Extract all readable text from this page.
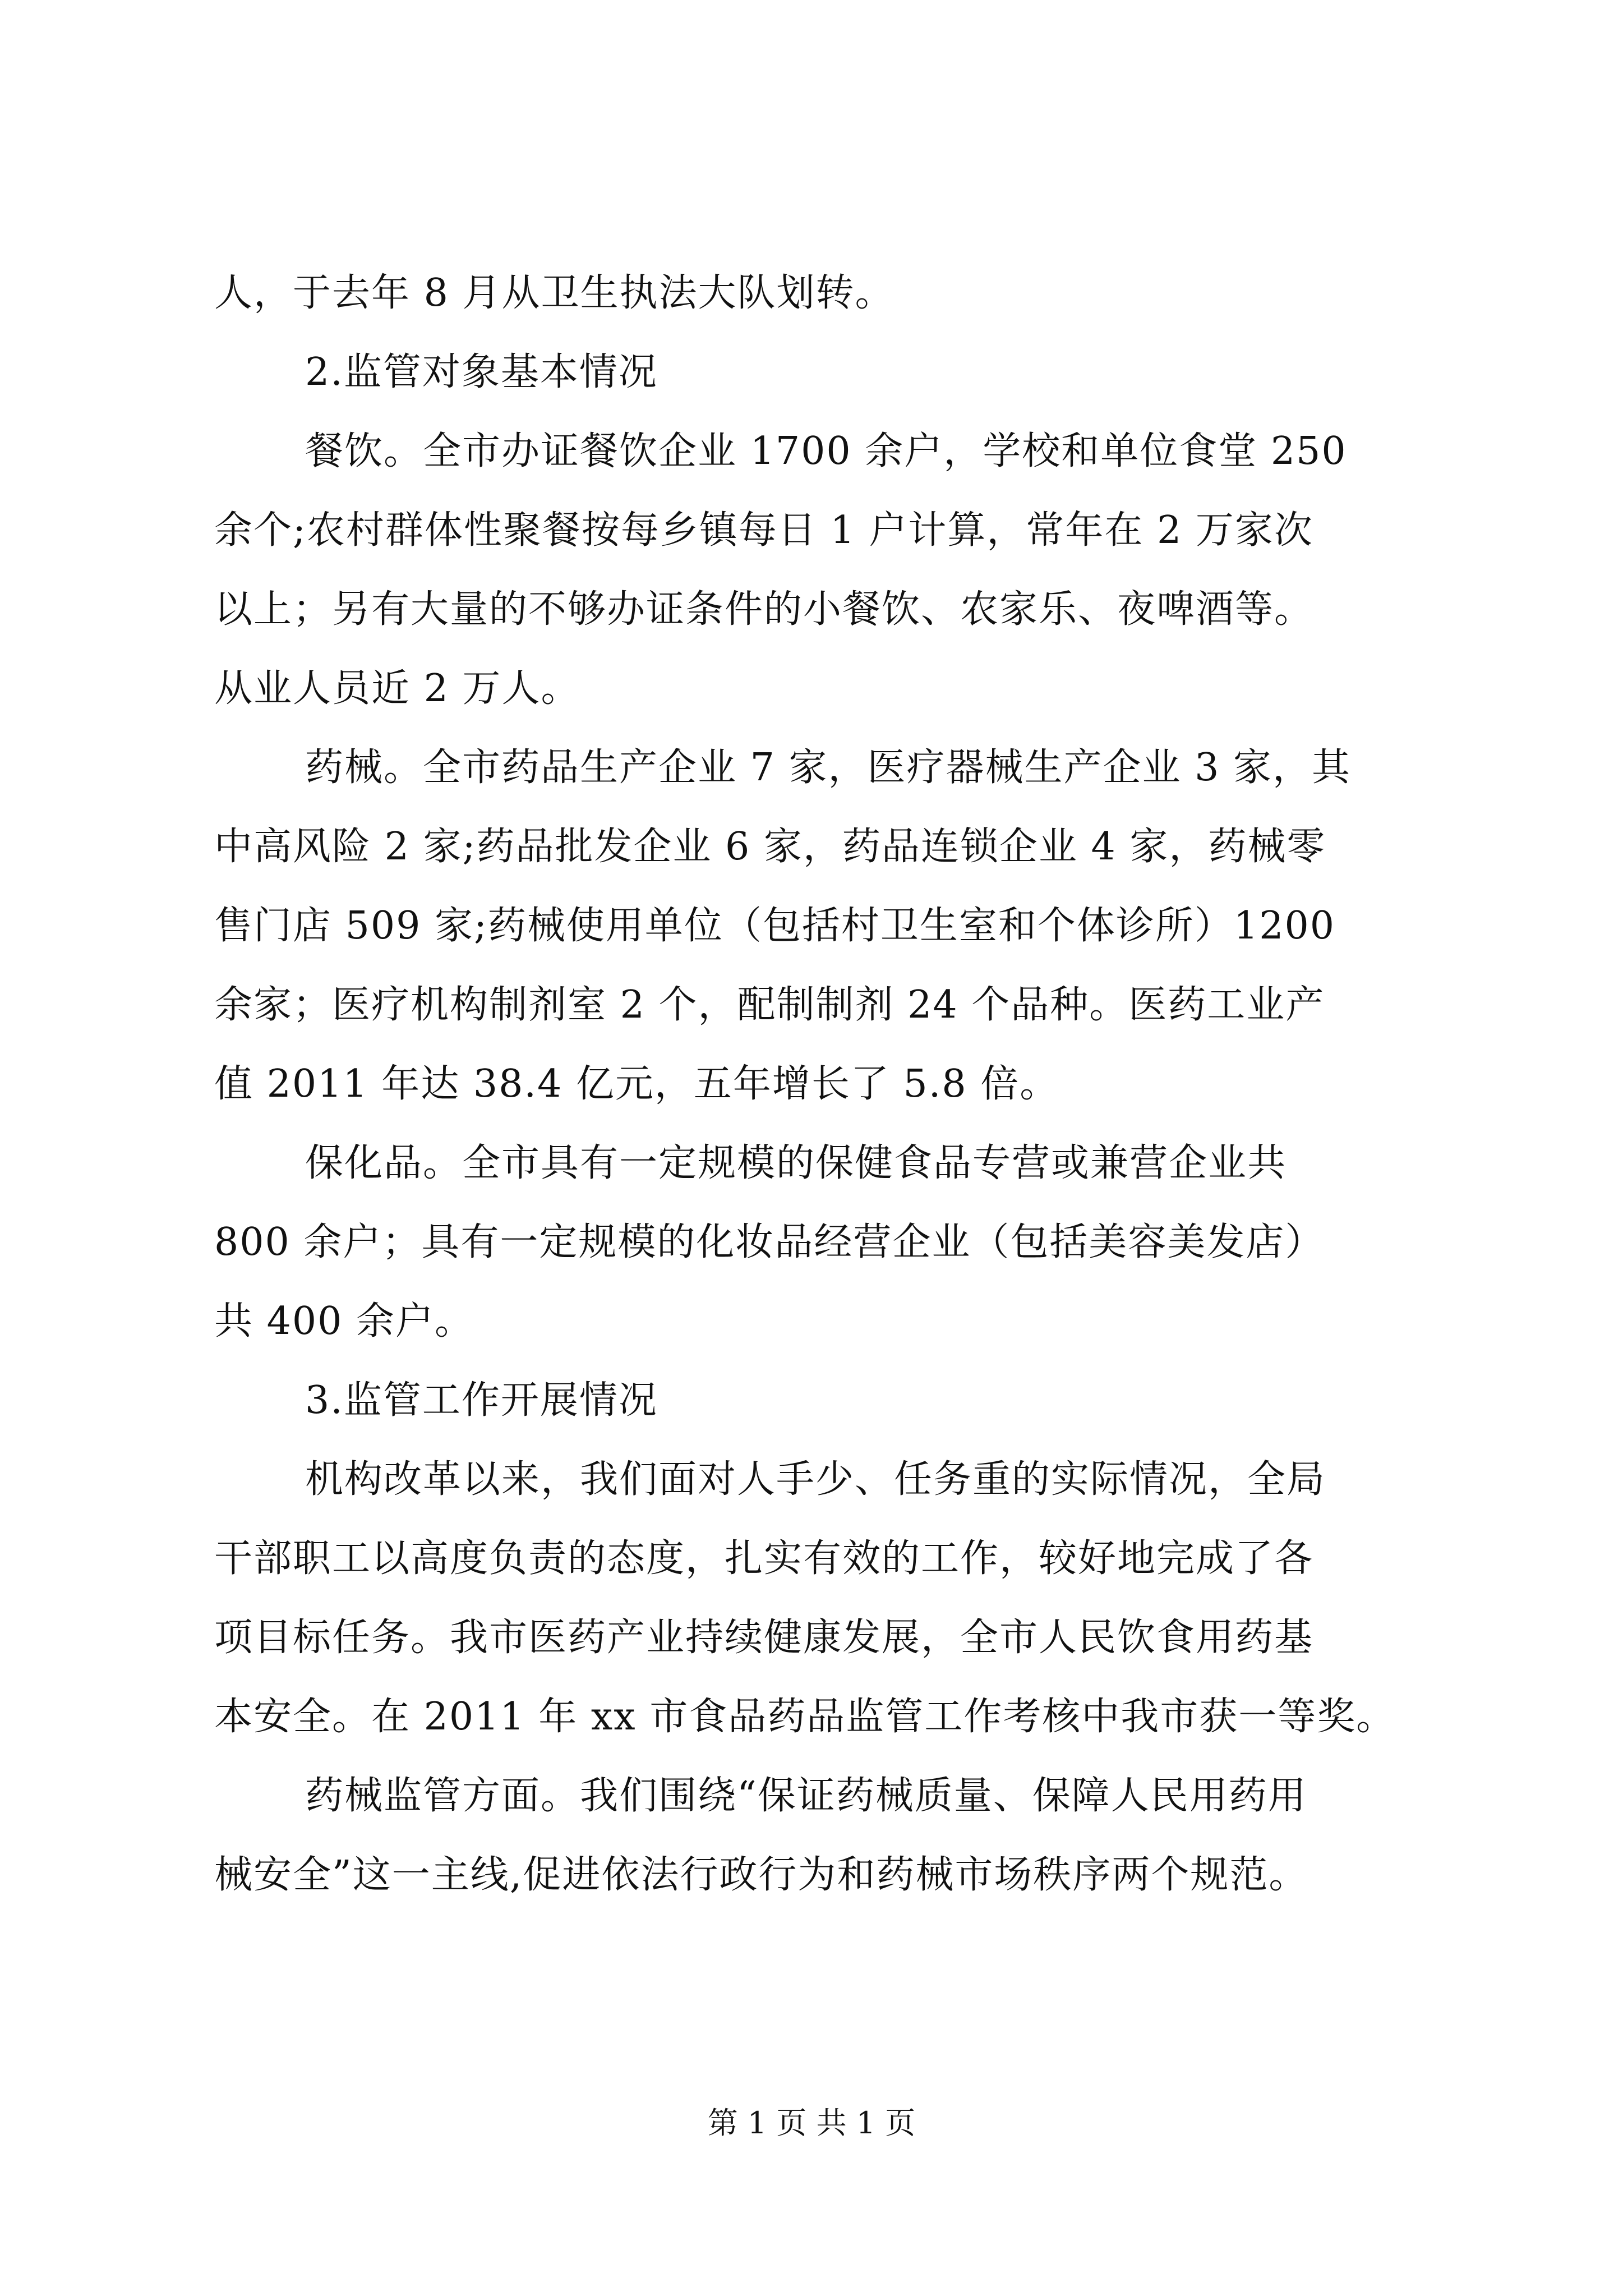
人，于去年 8 月从卫生执法大队划转。
2.监管对象基本情况
餐饮。全市办证餐饮企业 1700 余户，学校和单位食堂 250
余个;农村群体性聚餐按每乡镇每日 1 户计算，常年在 2 万家次
以上；另有大量的不够办证条件的小餐饮、农家乐、夜啤酒等。
从业人员近 2 万人。
药械。全市药品生产企业 7 家，医疗器械生产企业 3 家，其
中高风险 2 家;药品批发企业 6 家，药品连锁企业 4 家，药械零
售门店 509 家;药械使用单位（包括村卫生室和个体诊所）1200
余家；医疗机构制剂室 2 个，配制制剂 24 个品种。医药工业产
值 2011 年达 38.4 亿元，五年增长了 5.8 倍。
保化品。全市具有一定规模的保健食品专营或兼营企业共
800 余户；具有一定规模的化妆品经营企业（包括美容美发店）
共 400 余户。
3.监管工作开展情况
机构改革以来，我们面对人手少、任务重的实际情况，全局
干部职工以高度负责的态度，扎实有效的工作，较好地完成了各
项目标任务。我市医药产业持续健康发展，全市人民饮食用药基
本安全。在 2011 年 xx 市食品药品监管工作考核中我市获一等奖。
药械监管方面。我们围绕“保证药械质量、保障人民用药用
械安全”这一主线,促进依法行政行为和药械市场秩序两个规范。
第 1 页 共 1 页
